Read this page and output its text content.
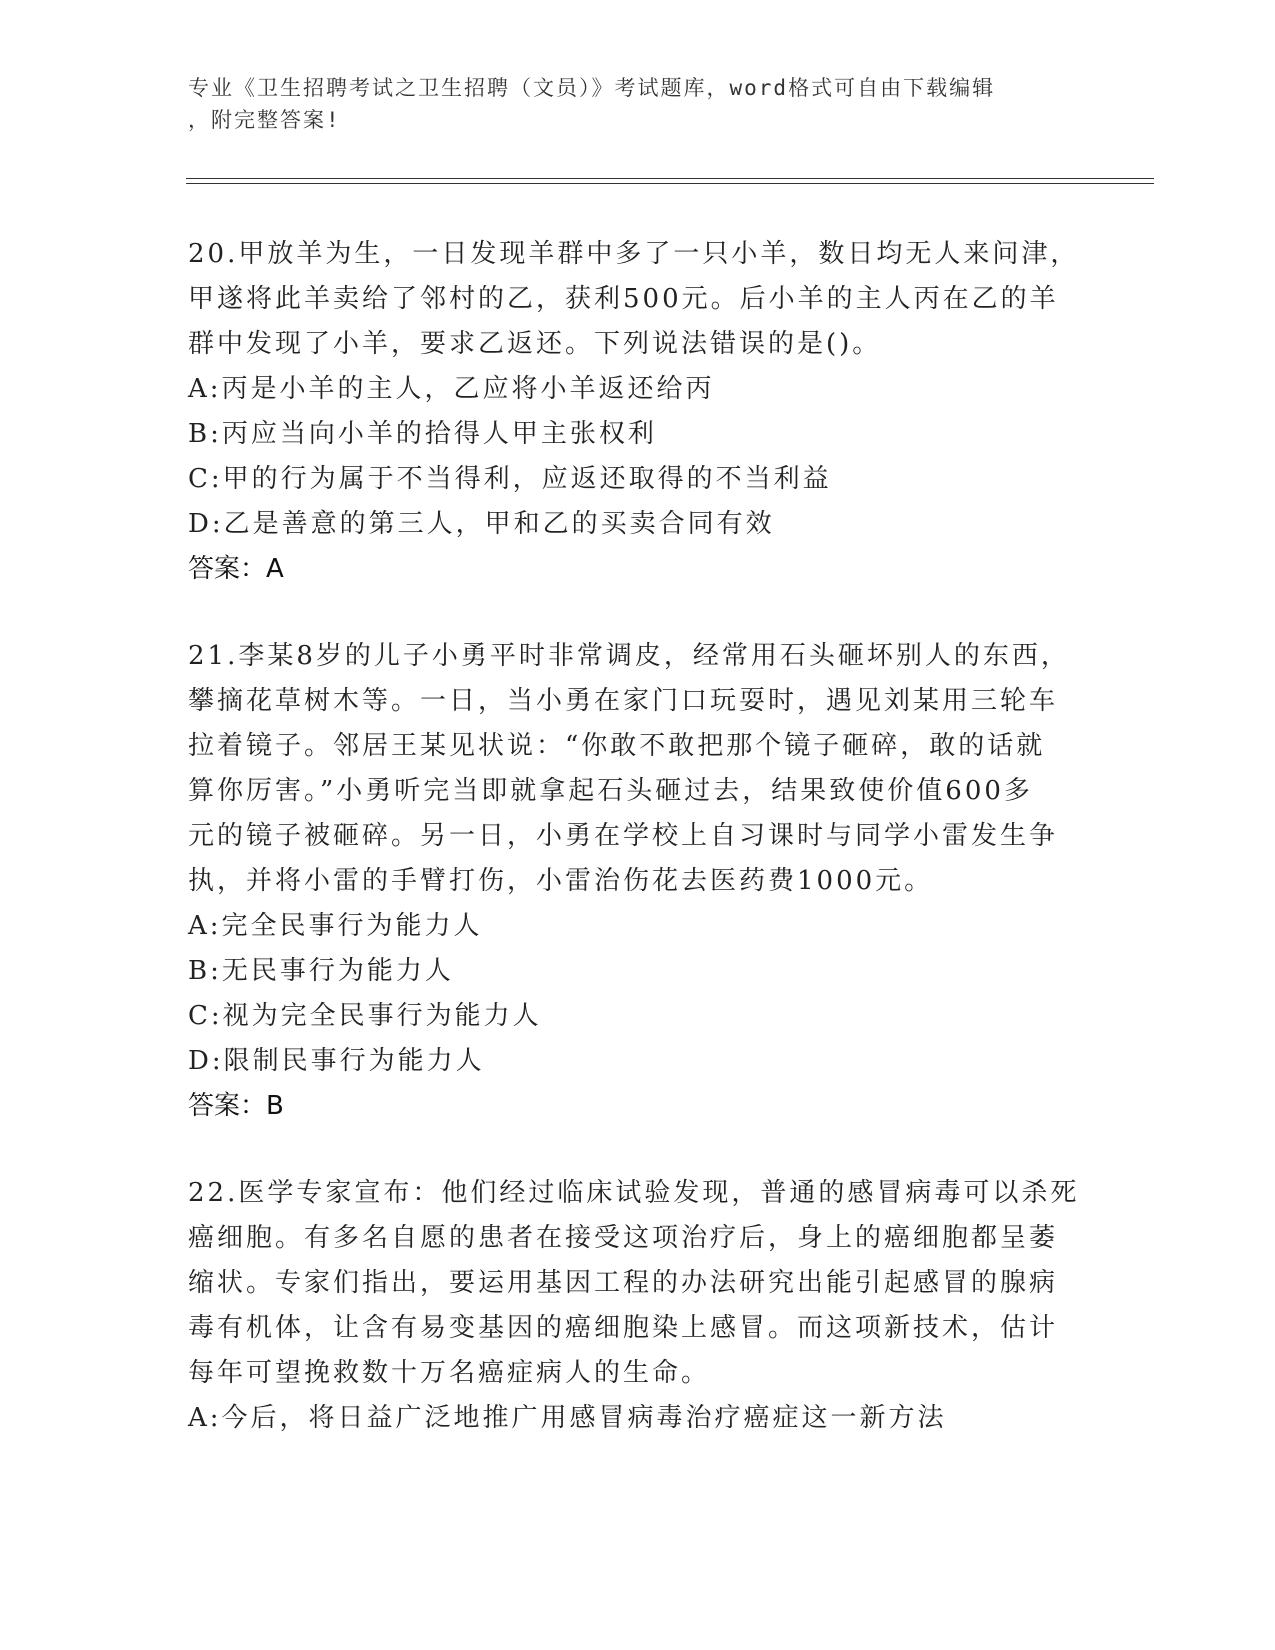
专业《卫生招聘考试之卫生招聘（文员）》考试题库，word格式可自由下载编辑
，附完整答案!

20.甲放羊为生，一日发现羊群中多了一只小羊，数日均无人来问津，

甲遂将此羊卖给了邻村的乙，获利500元。后小羊的主人丙在乙的羊

群中发现了小羊，要求乙返还。下列说法错误的是()。

A:丙是小羊的主人，乙应将小羊返还给丙

B:丙应当向小羊的拾得人甲主张权利

C:甲的行为属于不当得利，应返还取得的不当利益

D:乙是善意的第三人，甲和乙的买卖合同有效

答案：A

21.李某8岁的儿子小勇平时非常调皮，经常用石头砸坏别人的东西，

攀摘花草树木等。一日，当小勇在家门口玩耍时，遇见刘某用三轮车

拉着镜子。邻居王某见状说：“你敢不敢把那个镜子砸碎，敢的话就

算你厉害。”小勇听完当即就拿起石头砸过去，结果致使价值600多

元的镜子被砸碎。另一日，小勇在学校上自习课时与同学小雷发生争

执，并将小雷的手臂打伤，小雷治伤花去医药费1000元。

A:完全民事行为能力人

B:无民事行为能力人

C:视为完全民事行为能力人

D:限制民事行为能力人

答案：B

22.医学专家宣布：他们经过临床试验发现，普通的感冒病毒可以杀死

癌细胞。有多名自愿的患者在接受这项治疗后，身上的癌细胞都呈萎

缩状。专家们指出，要运用基因工程的办法研究出能引起感冒的腺病

毒有机体，让含有易变基因的癌细胞染上感冒。而这项新技术，估计

每年可望挽救数十万名癌症病人的生命。

A:今后，将日益广泛地推广用感冒病毒治疗癌症这一新方法
